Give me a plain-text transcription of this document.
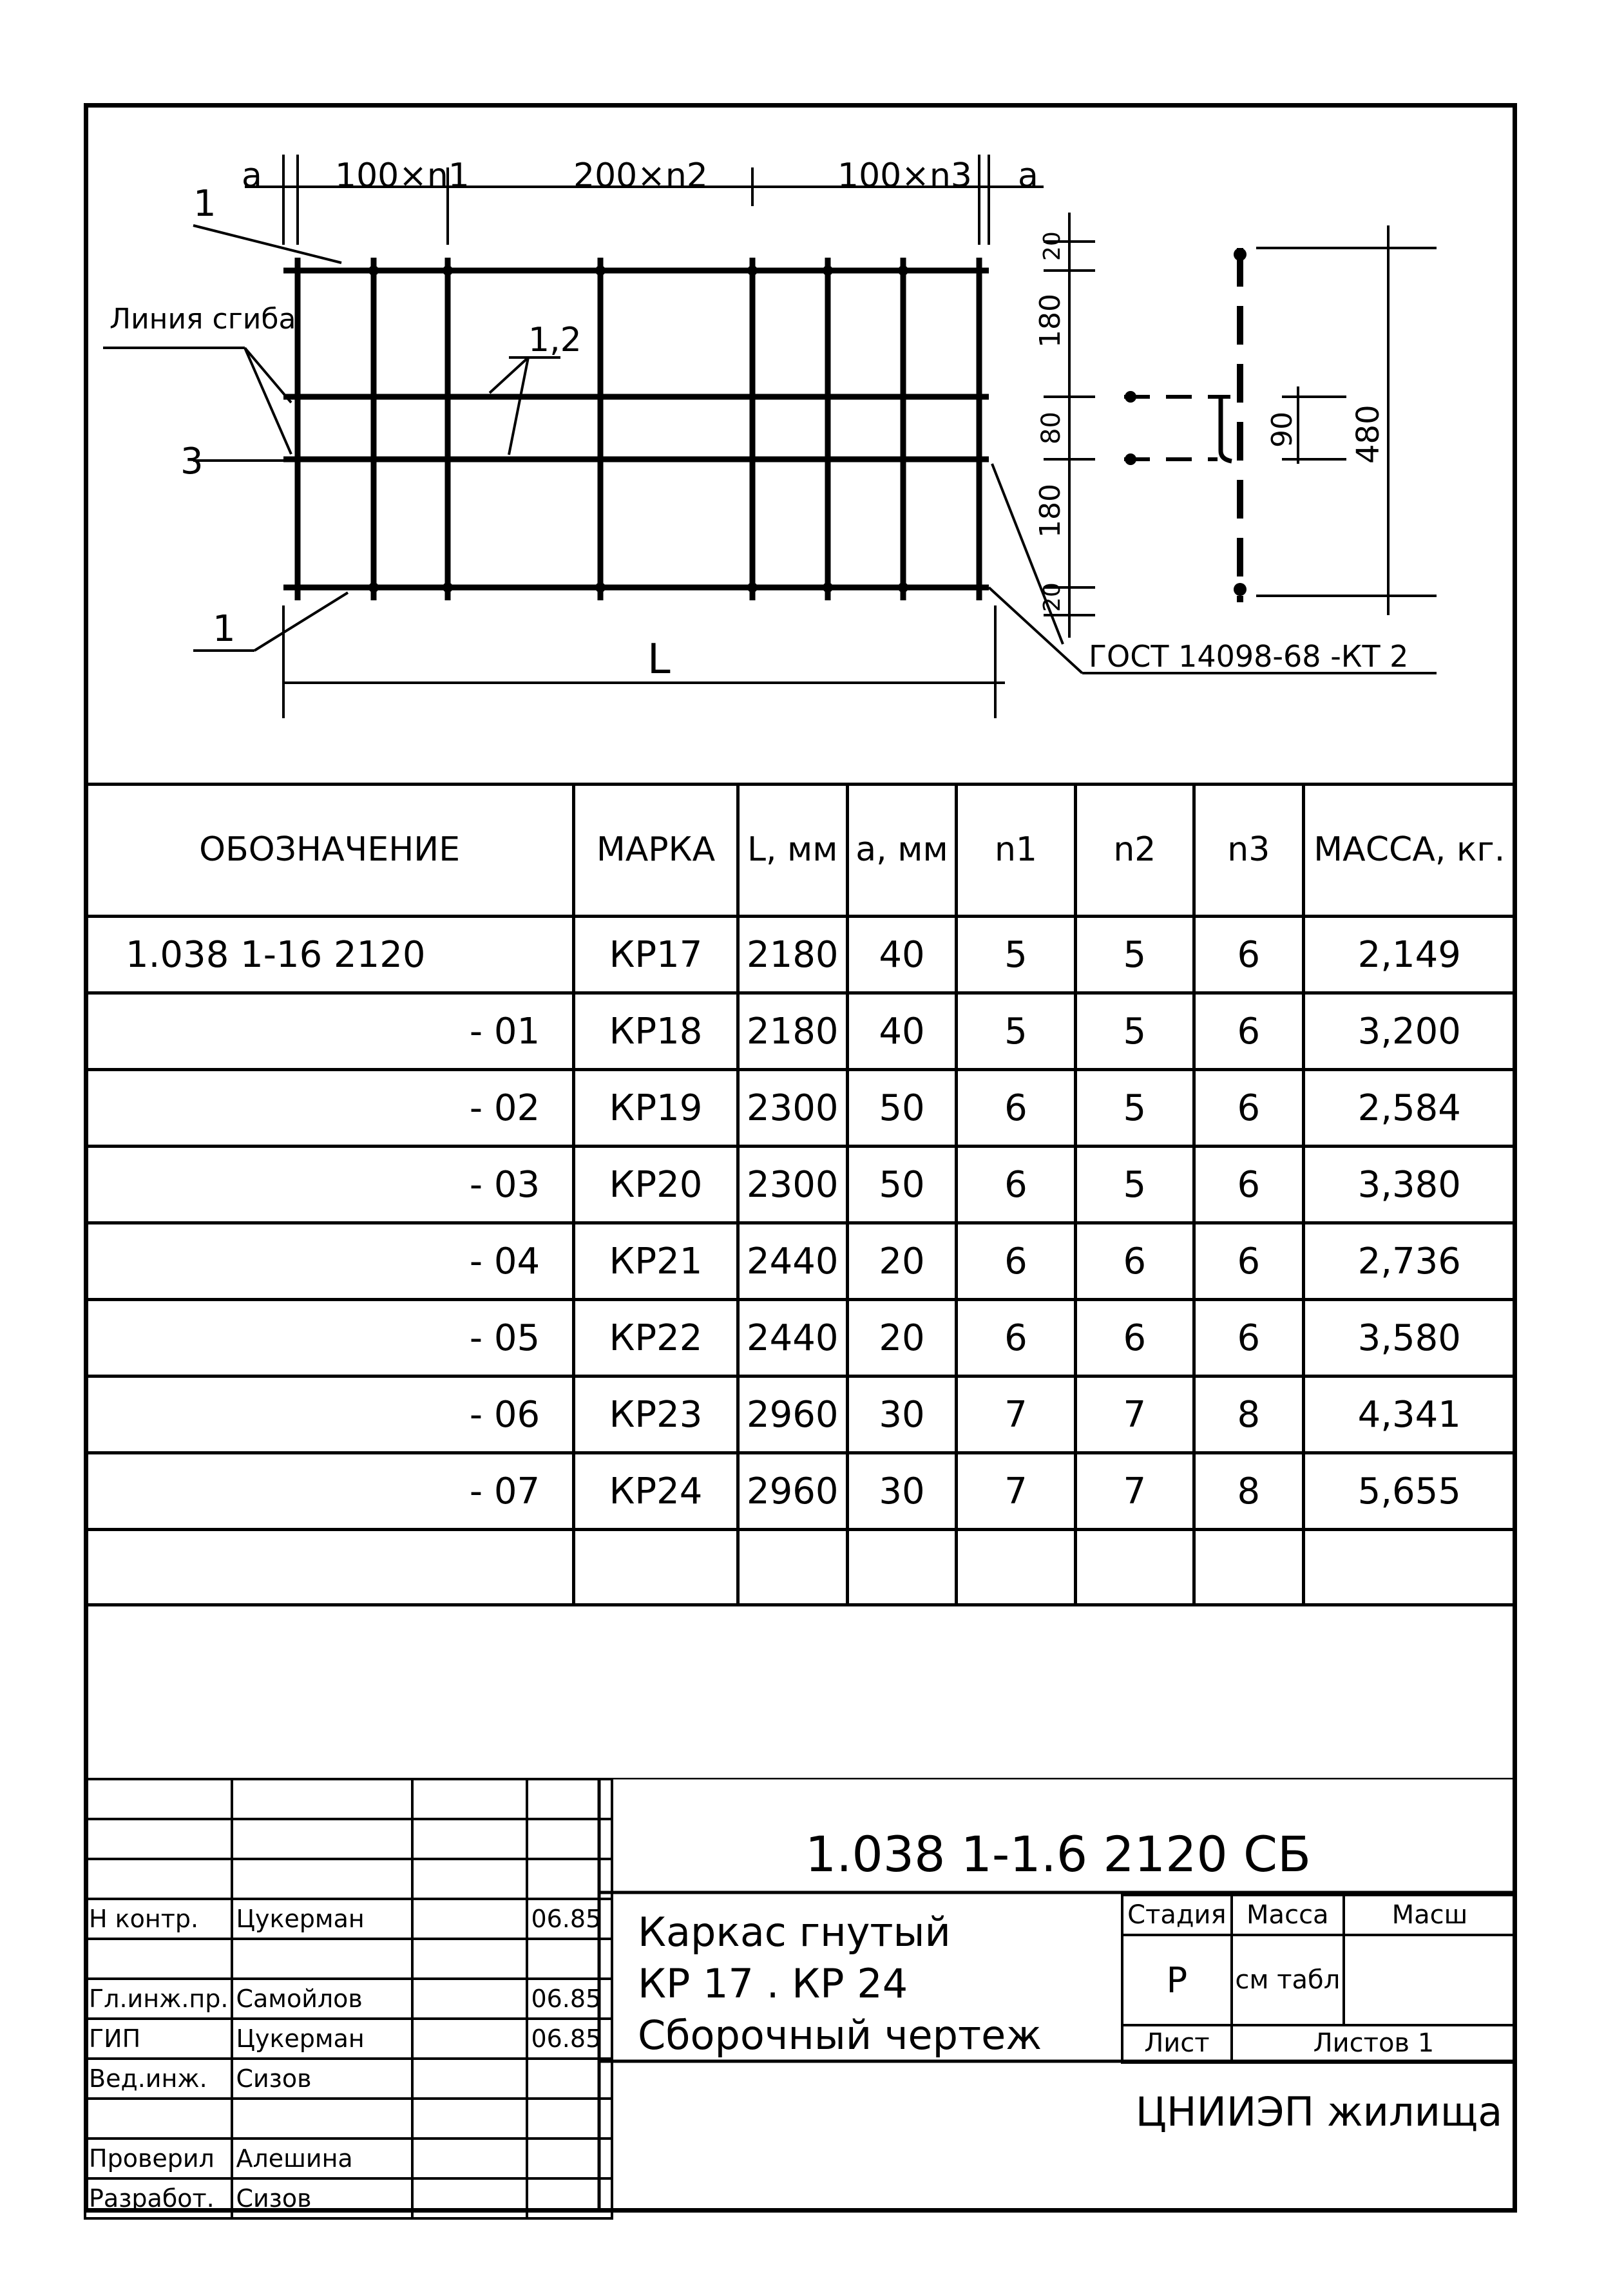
a 100×n1	200×n2	100×n3 a
L
1
Линия сгиба
1,2
3
1
ГОСТ 14098-68 -КТ 2
20
180
80
180
20
90 480
ОБОЗНАЧЕНИЕ	МАРКА	L, мм	a, мм	n1	n2	n3	МАССА, кг.
1.038 1-16 2120	КР17	2180	40	5	5	6	2,149
- 01	КР18	2180	40	5	5	6	3,200
- 02	КР19	2300	50	6	5	6	2,584
- 03	КР20	2300	50	6	5	6	3,380
- 04	КР21	2440	20	6	6	6	2,736
- 05	КР22	2440	20	6	6	6	3,580
- 06	КР23	2960	30	7	7	8	4,341
- 07	КР24	2960	30	7	7	8	5,655

Н контр.	Цукерман		06.85

Гл.инж.пр.	Самойлов		06.85
ГИП	Цукерман		06.85
Вед.инж.	Сизов		

Проверил	Алешина		
Разработ.	Сизов		
1.038 1-1.6 2120 СБ
Каркас гнутый
КР 17 . КР 24
Сборочный чертеж
Стадия	Масса	Масш
Р	см табл	
Лист	Листов 1	
ЦНИИЭП жилища
